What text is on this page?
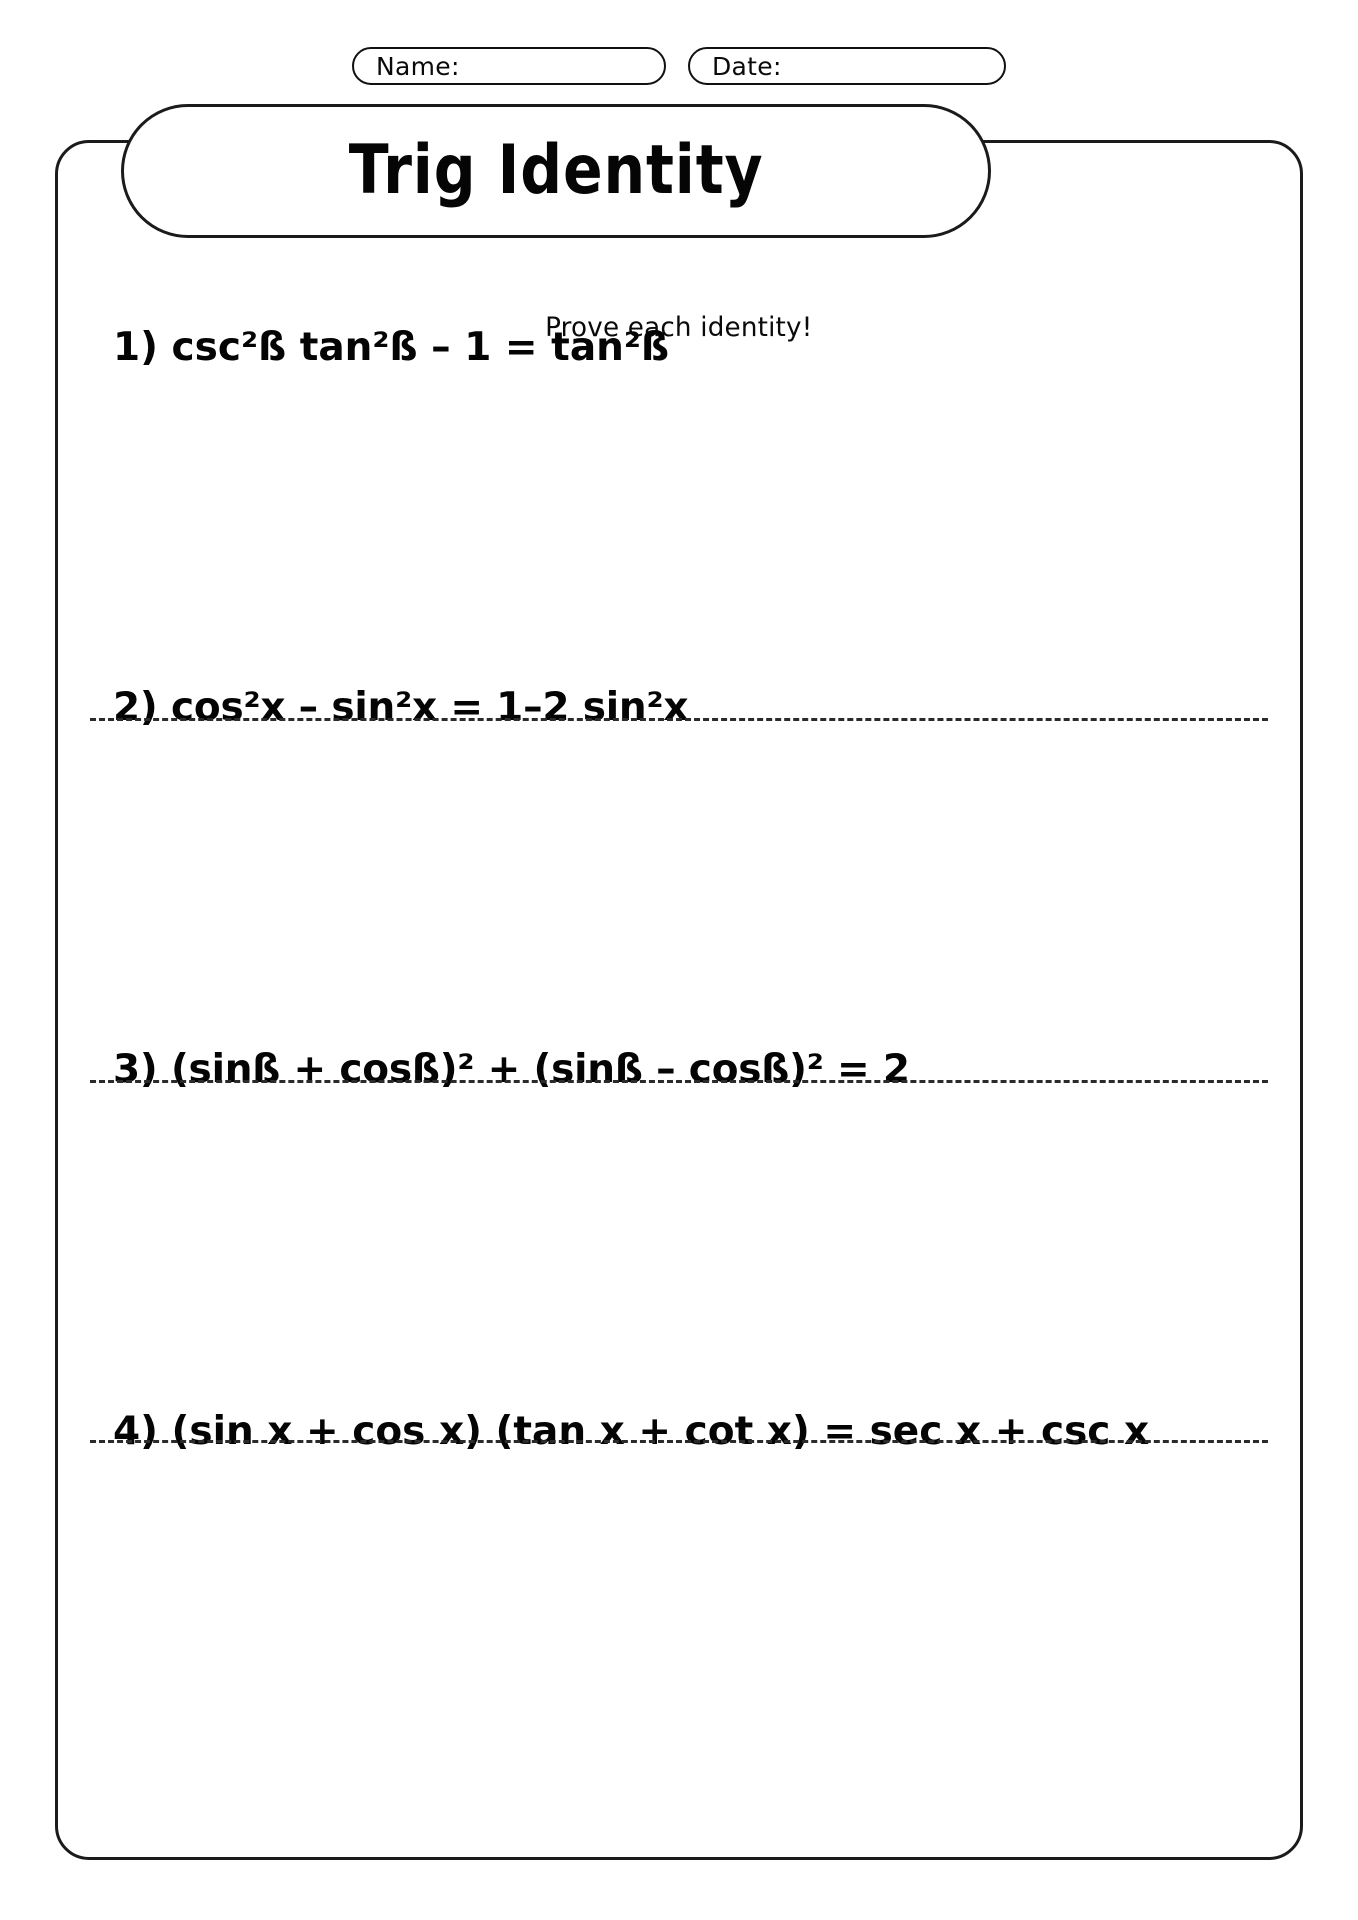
Name:	Date:
Trig Identity
Prove each identity!
1) csc²ß tan²ß – 1 = tan²ß
2) cos²x – sin²x = 1–2 sin²x
3) (sinß + cosß)² + (sinß – cosß)² = 2
4) (sin x + cos x) (tan x + cot x) = sec x + csc x
